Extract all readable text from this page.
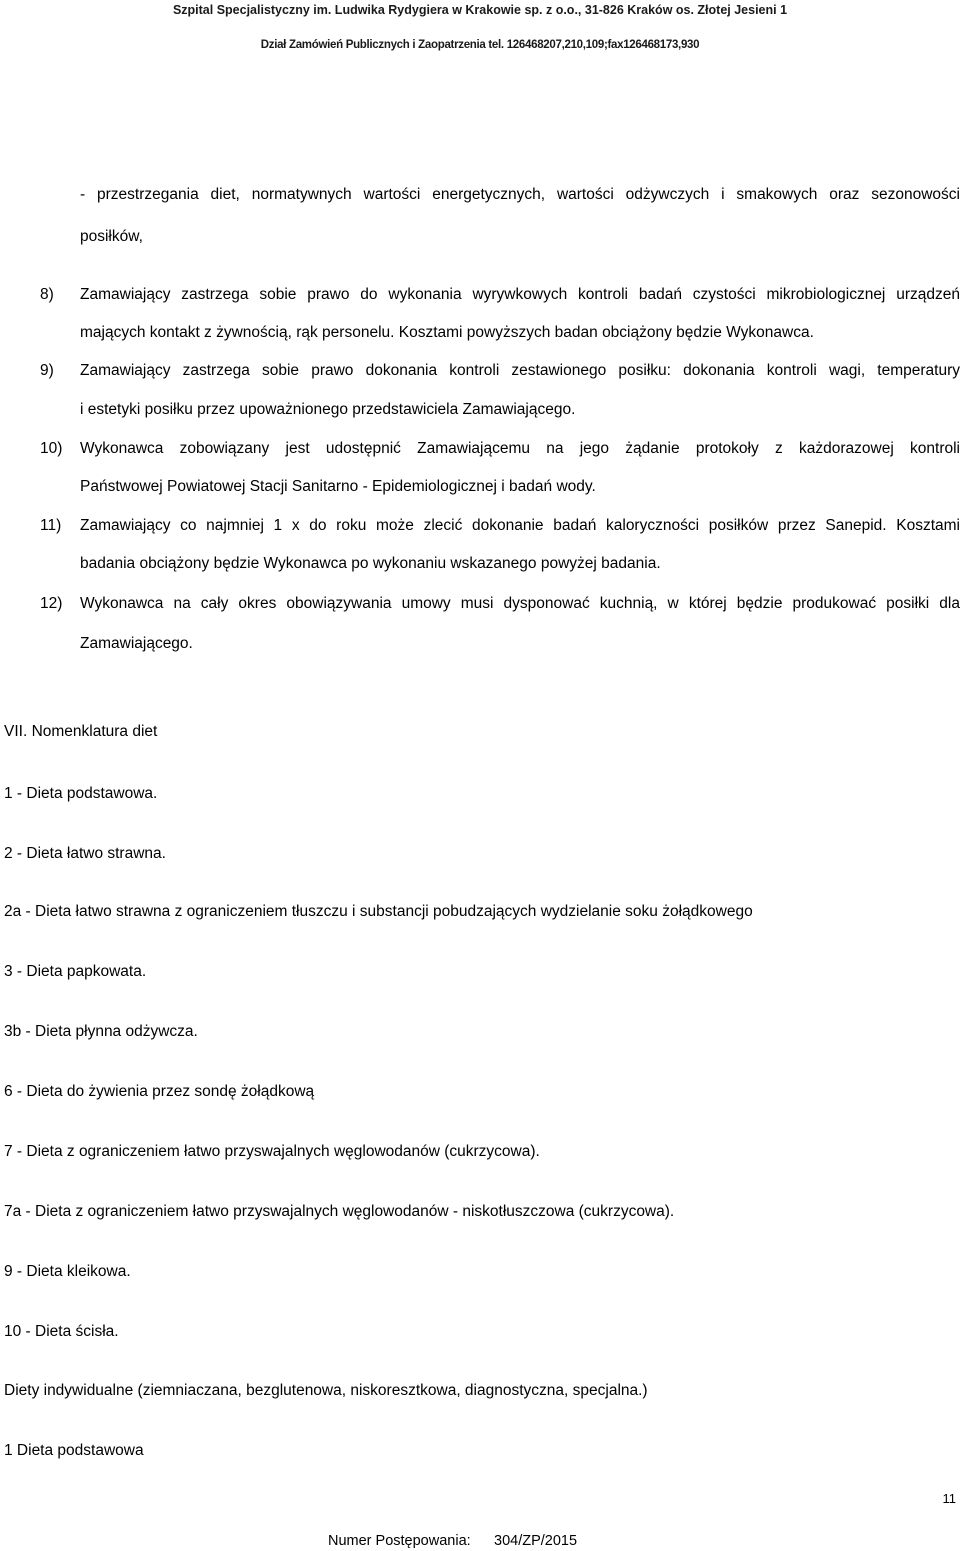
Szpital Specjalistyczny im. Ludwika Rydygiera w Krakowie sp. z o.o., 31-826 Kraków os. Złotej Jesieni 1
Dział Zamówień Publicznych i Zaopatrzenia tel. 126468207,210,109;fax126468173,930
- przestrzegania diet, normatywnych wartości energetycznych, wartości odżywczych i smakowych oraz sezonowości
posiłków,
8) Zamawiający zastrzega sobie prawo do wykonania wyrywkowych kontroli badań czystości mikrobiologicznej urządzeń
mających kontakt z żywnością, rąk personelu. Kosztami powyższych badan obciążony będzie Wykonawca.
9) Zamawiający zastrzega sobie prawo dokonania kontroli zestawionego posiłku: dokonania kontroli wagi, temperatury
i estetyki posiłku przez upoważnionego przedstawiciela Zamawiającego.
10) Wykonawca zobowiązany jest udostępnić Zamawiającemu na jego żądanie protokoły z każdorazowej kontroli
Państwowej Powiatowej Stacji Sanitarno - Epidemiologicznej i badań wody.
11) Zamawiający co najmniej 1 x do roku może zlecić dokonanie badań kaloryczności posiłków przez Sanepid. Kosztami
badania obciążony będzie Wykonawca po wykonaniu wskazanego powyżej badania.
12) Wykonawca na cały okres obowiązywania umowy musi dysponować kuchnią, w której będzie produkować posiłki dla
Zamawiającego.
VII. Nomenklatura diet
1 - Dieta podstawowa.
2 - Dieta łatwo strawna.
2a - Dieta łatwo strawna z ograniczeniem tłuszczu i substancji pobudzających wydzielanie soku żołądkowego
3 - Dieta papkowata.
3b - Dieta płynna odżywcza.
6 - Dieta do żywienia przez sondę żołądkową
7 - Dieta z ograniczeniem łatwo przyswajalnych węglowodanów (cukrzycowa).
7a - Dieta z ograniczeniem łatwo przyswajalnych węglowodanów - niskotłuszczowa (cukrzycowa).
9 - Dieta kleikowa.
10 - Dieta ścisła.
Diety indywidualne (ziemniaczana, bezglutenowa, niskoresztkowa, diagnostyczna, specjalna.)
1 Dieta podstawowa
11
Numer Postępowania: 304/ZP/2015
